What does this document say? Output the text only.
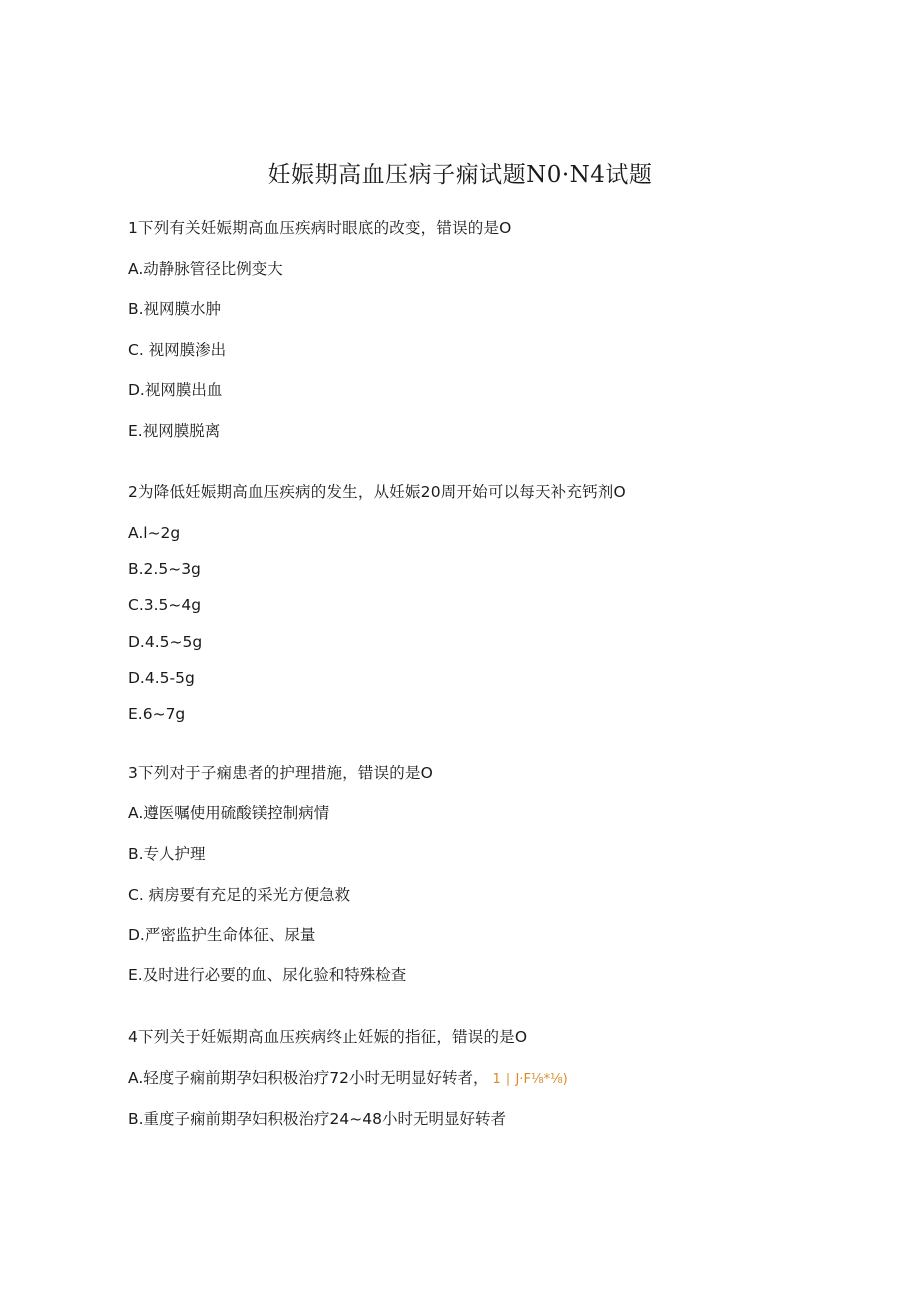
妊娠期高血压病子痫试题N0·N4试题
1下列有关妊娠期高血压疾病时眼底的改变，错误的是O
A.动静脉管径比例变大
B.视网膜水肿
C. 视网膜渗出
D.视网膜出血
E.视网膜脱离
2为降低妊娠期高血压疾病的发生，从妊娠20周开始可以每天补充钙剂O
A.l~2g
B.2.5~3g
C.3.5~4g
D.4.5~5g
D.4.5-5g
E.6~7g
3下列对于子痫患者的护理措施，错误的是O
A.遵医嘱使用硫酸镁控制病情
B.专人护理
C. 病房要有充足的采光方便急救
D.严密监护生命体征、尿量
E.及时进行必要的血、尿化验和特殊检查
4下列关于妊娠期高血压疾病终止妊娠的指征，错误的是O
A.轻度子痫前期孕妇积极治疗72小时无明显好转者， 1 ∣ J·F⅛*⅛)
B.重度子痫前期孕妇积极治疗24~48小时无明显好转者
